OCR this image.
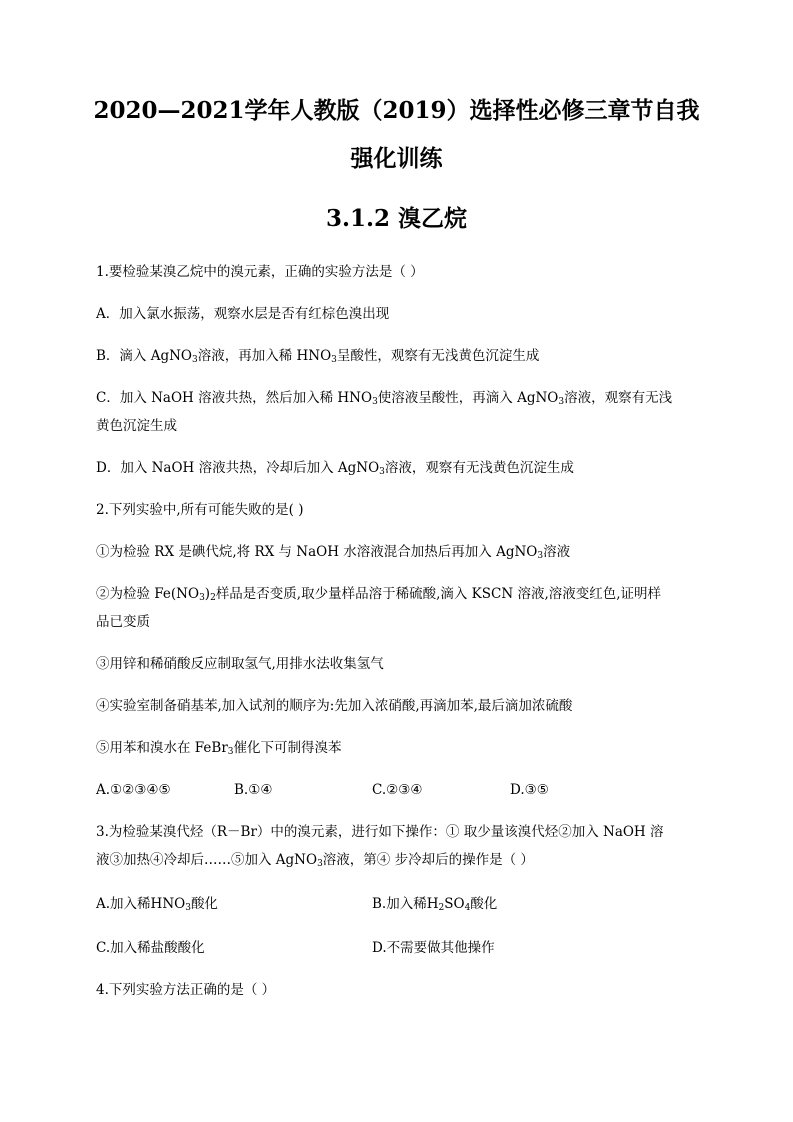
2020—2021学年人教版（2019）选择性必修三章节自我
强化训练
3.1.2 溴乙烷
1.要检验某溴乙烷中的溴元素，正确的实验方法是（ ）
A．加入氯水振荡，观察水层是否有红棕色溴出现
B．滴入 AgNO$_3$溶液，再加入稀 $HNO_3$呈酸性，观察有无浅黄色沉淀生成
C．加入 NaOH 溶液共热，然后加入稀 $HNO_3$使溶液呈酸性，再滴入 AgNO$_3$溶液，观察有无浅
黄色沉淀生成
D．加入 NaOH 溶液共热，冷却后加入 AgNO$_3$溶液，观察有无浅黄色沉淀生成
2.下列实验中,所有可能失败的是( )
①为检验 RX 是碘代烷,将 RX 与 NaOH 水溶液混合加热后再加入 AgNO$_3$溶液
②为检验 $Fe(NO_3)_2$样品是否变质,取少量样品溶于稀硫酸,滴入 KSCN 溶液,溶液变红色,证明样
品已变质
③用锌和稀硝酸反应制取氢气,用排水法收集氢气
④实验室制备硝基苯,加入试剂的顺序为:先加入浓硝酸,再滴加苯,最后滴加浓硫酸
⑤用苯和溴水在 FeBr$_3$催化下可制得溴苯
A.①②③④⑤	B.①④	C.②③④	D.③⑤
3.为检验某溴代烃（R－Br）中的溴元素，进行如下操作：① 取少量该溴代烃②加入 NaOH 溶
液③加热④冷却后……⑤加入 AgNO$_3$溶液，第④ 步冷却后的操作是（ ）
A.加入稀$HNO_3$酸化	B.加入稀$H_2SO_4$酸化
C.加入稀盐酸酸化	D.不需要做其他操作
4.下列实验方法正确的是（ ）
